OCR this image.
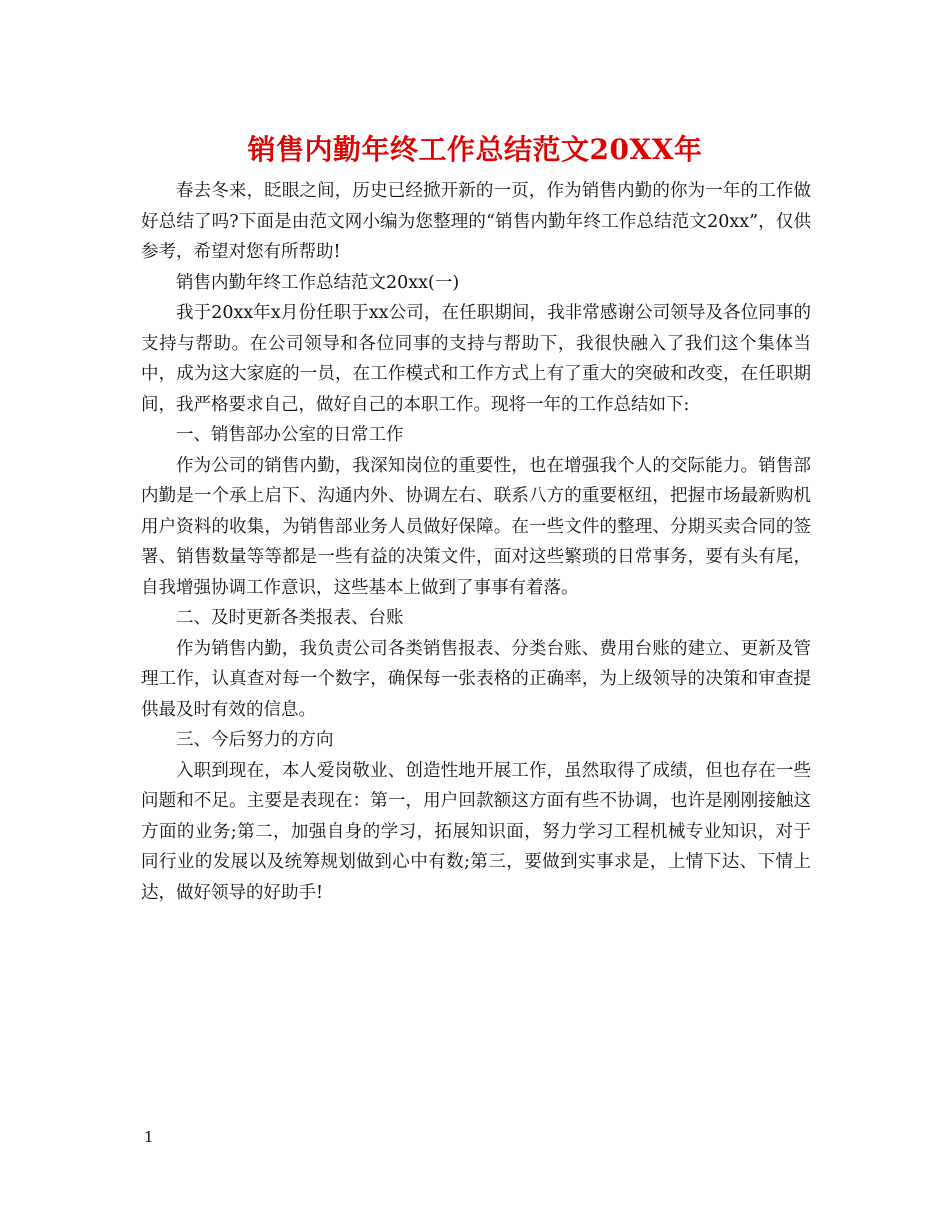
销售内勤年终工作总结范文20XX年

春去冬来，眨眼之间，历史已经掀开新的一页，作为销售内勤的你为一年的工作做好总结了吗?下面是由范文网小编为您整理的“销售内勤年终工作总结范文20xx”，仅供参考，希望对您有所帮助!

销售内勤年终工作总结范文20xx(一)

我于20xx年x月份任职于xx公司，在任职期间，我非常感谢公司领导及各位同事的支持与帮助。在公司领导和各位同事的支持与帮助下，我很快融入了我们这个集体当中，成为这大家庭的一员，在工作模式和工作方式上有了重大的突破和改变，在任职期间，我严格要求自己，做好自己的本职工作。现将一年的工作总结如下:

一、销售部办公室的日常工作

作为公司的销售内勤，我深知岗位的重要性，也在增强我个人的交际能力。销售部内勤是一个承上启下、沟通内外、协调左右、联系八方的重要枢纽，把握市场最新购机用户资料的收集，为销售部业务人员做好保障。在一些文件的整理、分期买卖合同的签署、销售数量等等都是一些有益的决策文件，面对这些繁琐的日常事务，要有头有尾，自我增强协调工作意识，这些基本上做到了事事有着落。

二、及时更新各类报表、台账

作为销售内勤，我负责公司各类销售报表、分类台账、费用台账的建立、更新及管理工作，认真查对每一个数字，确保每一张表格的正确率，为上级领导的决策和审查提供最及时有效的信息。

三、今后努力的方向

入职到现在，本人爱岗敬业、创造性地开展工作，虽然取得了成绩，但也存在一些问题和不足。主要是表现在：第一，用户回款额这方面有些不协调，也许是刚刚接触这方面的业务;第二，加强自身的学习，拓展知识面，努力学习工程机械专业知识，对于同行业的发展以及统筹规划做到心中有数;第三，要做到实事求是，上情下达、下情上达，做好领导的好助手!

1
